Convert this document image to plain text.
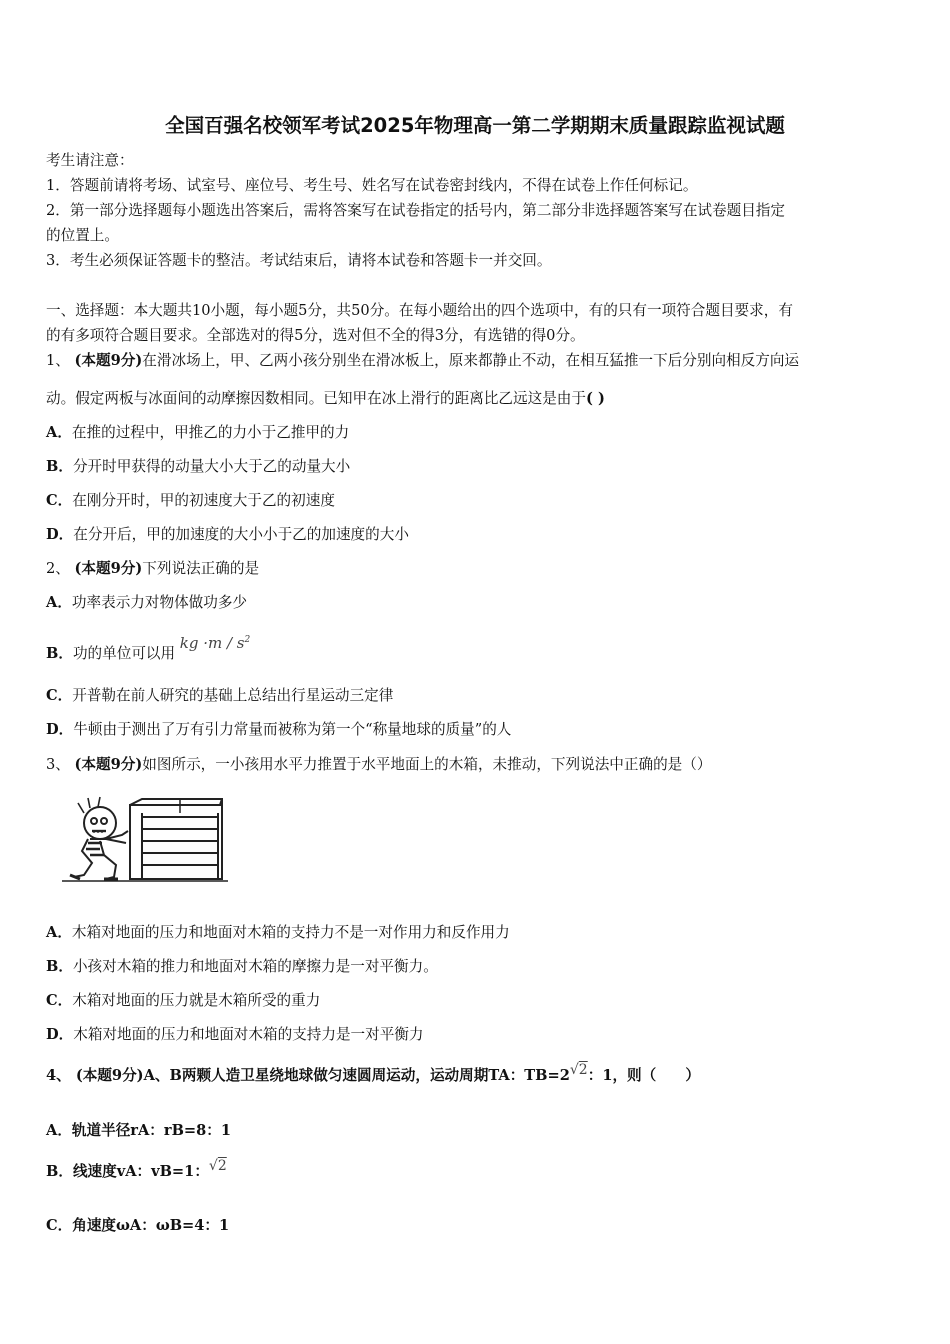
全国百强名校领军考试2025年物理高一第二学期期末质量跟踪监视试题
考生请注意：
1．答题前请将考场、试室号、座位号、考生号、姓名写在试卷密封线内，不得在试卷上作任何标记。
2．第一部分选择题每小题选出答案后，需将答案写在试卷指定的括号内，第二部分非选择题答案写在试卷题目指定
的位置上。
3．考生必须保证答题卡的整洁。考试结束后，请将本试卷和答题卡一并交回。
一、选择题：本大题共10小题，每小题5分，共50分。在每小题给出的四个选项中，有的只有一项符合题目要求，有
的有多项符合题目要求。全部选对的得5分，选对但不全的得3分，有选错的得0分。
1、 (本题9分)在滑冰场上，甲、乙两小孩分别坐在滑冰板上，原来都静止不动，在相互猛推一下后分别向相反方向运
动。假定两板与冰面间的动摩擦因数相同。已知甲在冰上滑行的距离比乙远这是由于( )
A．在推的过程中，甲推乙的力小于乙推甲的力
B．分开时甲获得的动量大小大于乙的动量大小
C．在刚分开时，甲的初速度大于乙的初速度
D．在分开后，甲的加速度的大小小于乙的加速度的大小
2、 (本题9分)下列说法正确的是
A．功率表示力对物体做功多少
B．功的单位可以用 kg $\cdot m / s^2$
C．开普勒在前人研究的基础上总结出行星运动三定律
D．牛顿由于测出了万有引力常量而被称为第一个“称量地球的质量”的人
3、 (本题9分)如图所示，一小孩用水平力推置于水平地面上的木箱，未推动，下列说法中正确的是（）
A．木箱对地面的压力和地面对木箱的支持力不是一对作用力和反作用力
B．小孩对木箱的推力和地面对木箱的摩擦力是一对平衡力。
C．木箱对地面的压力就是木箱所受的重力
D．木箱对地面的压力和地面对木箱的支持力是一对平衡力
4、 (本题9分)A、B两颗人造卫星绕地球做匀速圆周运动，运动周期TA：TB=2√2：1，则（　　）
A．轨道半径rA：rB=8：1
B．线速度vA：vB=1：√2
C．角速度ωA：ωB=4：1
